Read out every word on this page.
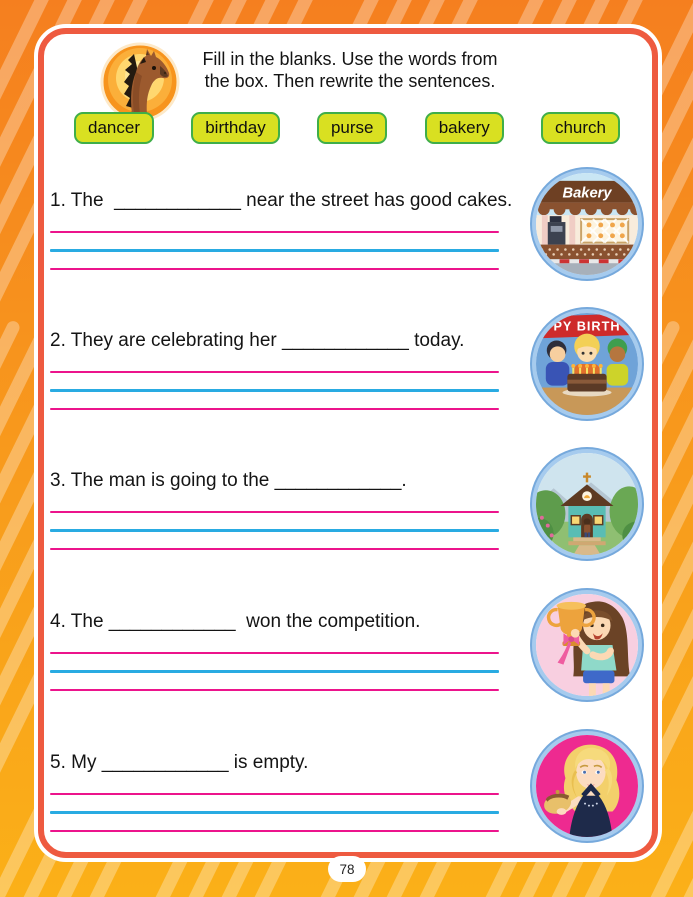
Fill in the blanks. Use the words from
the box. Then rewrite the sentences.
dancer	birthday	purse	bakery	church
1. The  ____________ near the street has good cakes.	Bakery
2. They are celebrating her ____________ today.
PY BIRTH
3. The man is going to the ____________.
4. The ____________  won the competition.
5. My ____________ is empty.
78
